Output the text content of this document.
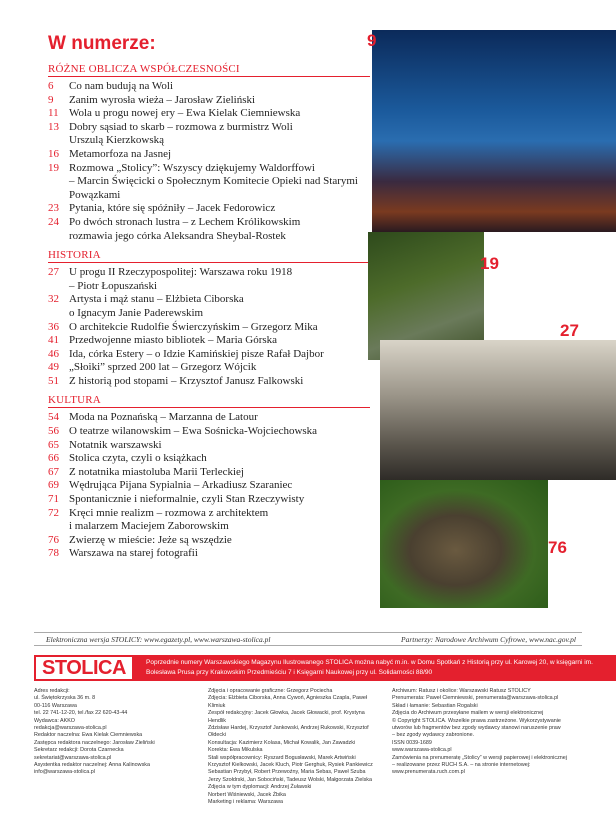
W numerze:
RÓŻNE OBLICZA WSPÓŁCZESNOŚCI
6	Co nam budują na Woli
9	Zanim wyrosła wieża – Jarosław Zieliński
11 Wola u progu nowej ery – Ewa Kielak Ciemniewska
13 Dobry sąsiad to skarb – rozmowa z burmistrz Woli
Urszulą Kierzkowską
16 Metamorfoza na Jasnej
19 Rozmowa „Stolicy”: Wszyscy dziękujemy Waldorffowi
– Marcin Święcicki o Społecznym Komitecie Opieki nad Starymi Powązkami
23 Pytania, które się spóźniły – Jacek Fedorowicz
24 Po dwóch stronach lustra – z Lechem Królikowskim
rozmawia jego córka Aleksandra Sheybal-Rostek
HISTORIA
27 U progu II Rzeczypospolitej: Warszawa roku 1918
– Piotr Łopuszański
32 Artysta i mąż stanu – Elżbieta Ciborska
o Ignacym Janie Paderewskim
36 O architekcie Rudolfie Świerczyńskim – Grzegorz Mika
41 Przedwojenne miasto bibliotek – Maria Górska
46 Ida, córka Estery – o Idzie Kamińskiej pisze Rafał Dajbor
49 „Słoiki” sprzed 200 lat – Grzegorz Wójcik
51 Z historią pod stopami – Krzysztof Janusz Falkowski
KULTURA
54 Moda na Poznańską – Marzanna de Latour
56 O teatrze wilanowskim – Ewa Sośnicka-Wojciechowska
65 Notatnik warszawski
66 Stolica czyta, czyli o książkach
67 Z notatnika miastoluba Marii Terleckiej
69 Wędrująca Pijana Sypialnia – Arkadiusz Szaraniec
71 Spontanicznie i nieformalnie, czyli Stan Rzeczywisty
72 Kręci mnie realizm – rozmowa z architektem
i malarzem Maciejem Zaborowskim
76 Zwierzę w mieście: Jeże są wszędzie
78 Warszawa na starej fotografii
9
19
27
76
Elektroniczna wersja STOLICY: www.egazety.pl, www.warszawa-stolica.pl	Partnerzy: Narodowe Archiwum Cyfrowe, www.nac.gov.pl
STOLICA	Poprzednie numery Warszawskiego Magazynu Ilustrowanego STOLICA można nabyć m.in. w Domu Spotkań z Historią przy ul. Karowej 20, w księgarni im. Bolesława Prusa przy Krakowskim Przedmieściu 7 i Księgarni Naukowej przy ul. Solidarności 88/90
Adres redakcji:
ul. Świętokrzyska 36 m. 8
00-116 Warszawa
tel. 22 741-12-20, tel./fax 22 620-43-44
Wydawca: AKKO
redakcja@warszawa-stolica.pl
Redaktor naczelna: Ewa Kielak Ciemniewska
Zastępca redaktora naczelnego: Jarosław Zieliński
Sekretarz redakcji: Dorota Czarnecka
sekretariat@warszawa-stolica.pl
Asystentka redaktor naczelnej: Anna Kalinowska
info@warszawa-stolica.pl
Zdjęcia i opracowanie graficzne: Grzegorz Pociecha
Zdjęcia: Elżbieta Ciborska, Anna Cywoń, Agnieszka Czapla, Paweł Klimiuk
Zespół redakcyjny: Jacek Głowka, Jacek Głowacki, prof. Krystyna Hendlik
Zdzisław Hardej, Krzysztof Jankowski, Andrzej Rukowski, Krzysztof Ołdecki
Konsultacja: Kazimierz Kolasa, Michał Kowalik, Jan Zawadzki
Korekta: Ewa Mikulska
Stali współpracownicy: Ryszard Bogusławski, Marek Artwiński
Krzysztof Kielkowski, Jacek Kluch, Piotr Gerghuk, Rysiek Pankiewicz
Sebastian Przybył, Robert Przewoźny, Maria Sebas, Paweł Szuba
Jerzy Szołdrski, Jan Sobociński, Tadeusz Wolski, Małgorzata Zielska
Zdjęcia w tym dyplomacji: Andrzej Żuławski
Norbert Wiśniewski, Jacek Żbika
Marketing i reklama: Warszawa
Archiwum: Ratusz i okolice: Warszawski Ratusz STOLICY
Prenumerata: Paweł Ciemniewski, prenumerata@warszawa-stolica.pl
Skład i łamanie: Sebastian Rogalski
Zdjęcia do Archiwum przesyłane mailem w wersji elektronicznej
© Copyright STOLICA. Wszelkie prawa zastrzeżone. Wykorzystywanie
utworów lub fragmentów bez zgody wydawcy stanowi naruszenie praw
– bez zgody wydawcy zabronione.
ISSN 0039-1689
www.warszawa-stolica.pl
Zamówienia na prenumeratę „Stolicy” w wersji papierowej i elektronicznej
– realizowane przez RUCH S.A. – na stronie internetowej:
www.prenumerata.ruch.com.pl
